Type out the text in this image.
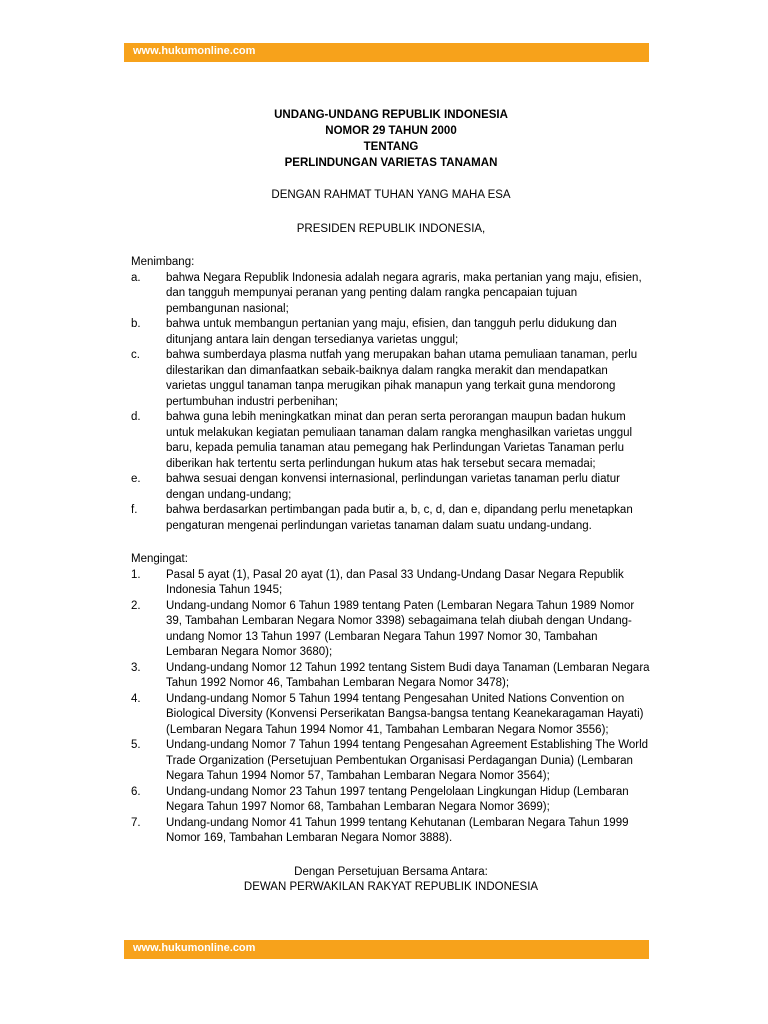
www.hukumonline.com
UNDANG-UNDANG REPUBLIK INDONESIA
NOMOR 29 TAHUN 2000
TENTANG
PERLINDUNGAN VARIETAS TANAMAN
DENGAN RAHMAT TUHAN YANG MAHA ESA
PRESIDEN REPUBLIK INDONESIA,
Menimbang:
a.	bahwa Negara Republik Indonesia adalah negara agraris, maka pertanian yang maju, efisien, dan tangguh mempunyai peranan yang penting dalam rangka pencapaian tujuan pembangunan nasional;
b.	bahwa untuk membangun pertanian yang maju, efisien, dan tangguh perlu didukung dan ditunjang antara lain dengan tersedianya varietas unggul;
c.	bahwa sumberdaya plasma nutfah yang merupakan bahan utama pemuliaan tanaman, perlu dilestarikan dan dimanfaatkan sebaik-baiknya dalam rangka merakit dan mendapatkan varietas unggul tanaman tanpa merugikan pihak manapun yang terkait guna mendorong pertumbuhan industri perbenihan;
d.	bahwa guna lebih meningkatkan minat dan peran serta perorangan maupun badan hukum untuk melakukan kegiatan pemuliaan tanaman dalam rangka menghasilkan varietas unggul baru, kepada pemulia tanaman atau pemegang hak Perlindungan Varietas Tanaman perlu diberikan hak tertentu serta perlindungan hukum atas hak tersebut secara memadai;
e.	bahwa sesuai dengan konvensi internasional, perlindungan varietas tanaman perlu diatur dengan undang-undang;
f.	bahwa berdasarkan pertimbangan pada butir a, b, c, d, dan e, dipandang perlu menetapkan pengaturan mengenai perlindungan varietas tanaman dalam suatu undang-undang.
Mengingat:
1.	Pasal 5 ayat (1), Pasal 20 ayat (1), dan Pasal 33 Undang-Undang Dasar Negara Republik Indonesia Tahun 1945;
2.	Undang-undang Nomor 6 Tahun 1989 tentang Paten (Lembaran Negara Tahun 1989 Nomor 39, Tambahan Lembaran Negara Nomor 3398) sebagaimana telah diubah dengan Undang-undang Nomor 13 Tahun 1997 (Lembaran Negara Tahun 1997 Nomor 30, Tambahan Lembaran Negara Nomor 3680);
3.	Undang-undang Nomor 12 Tahun 1992 tentang Sistem Budi daya Tanaman (Lembaran Negara Tahun 1992 Nomor 46, Tambahan Lembaran Negara Nomor 3478);
4.	Undang-undang Nomor 5 Tahun 1994 tentang Pengesahan United Nations Convention on Biological Diversity (Konvensi Perserikatan Bangsa-bangsa tentang Keanekaragaman Hayati) (Lembaran Negara Tahun 1994 Nomor 41, Tambahan Lembaran Negara Nomor 3556);
5.	Undang-undang Nomor 7 Tahun 1994 tentang Pengesahan Agreement Establishing The World Trade Organization (Persetujuan Pembentukan Organisasi Perdagangan Dunia) (Lembaran Negara Tahun 1994 Nomor 57, Tambahan Lembaran Negara Nomor 3564);
6.	Undang-undang Nomor 23 Tahun 1997 tentang Pengelolaan Lingkungan Hidup (Lembaran Negara Tahun 1997 Nomor 68, Tambahan Lembaran Negara Nomor 3699);
7.	Undang-undang Nomor 41 Tahun 1999 tentang Kehutanan (Lembaran Negara Tahun 1999 Nomor 169, Tambahan Lembaran Negara Nomor 3888).
Dengan Persetujuan Bersama Antara:
DEWAN PERWAKILAN RAKYAT REPUBLIK INDONESIA
www.hukumonline.com
